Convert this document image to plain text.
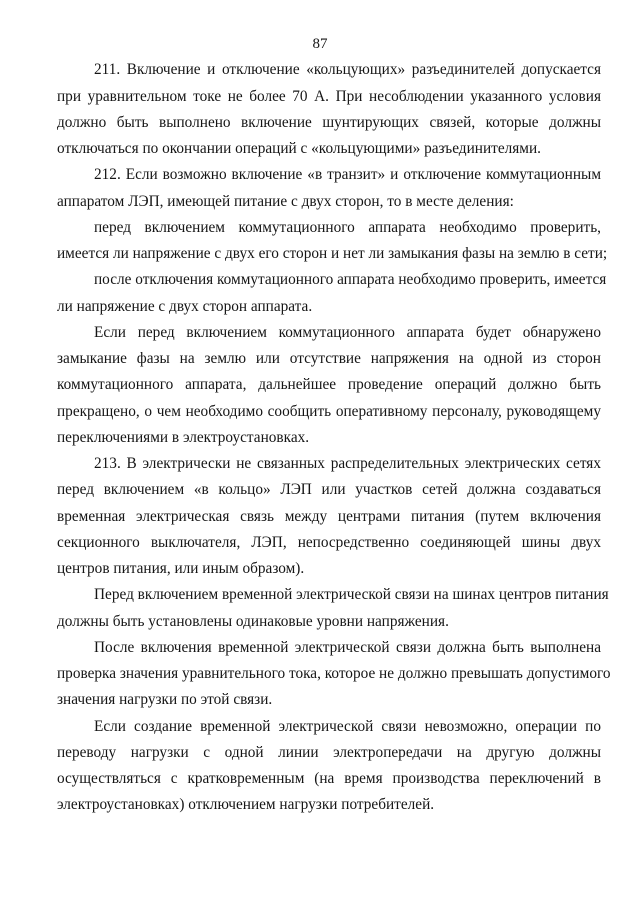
87
211. Включение и отключение «кольцующих» разъединителей допускается
при уравнительном токе не более 70 А. При несоблюдении указанного условия
должно быть выполнено включение шунтирующих связей, которые должны
отключаться по окончании операций с «кольцующими» разъединителями.
212. Если возможно включение «в транзит» и отключение коммутационным
аппаратом ЛЭП, имеющей питание с двух сторон, то в месте деления:
перед включением коммутационного аппарата необходимо проверить,
имеется ли напряжение с двух его сторон и нет ли замыкания фазы на землю в сети;
после отключения коммутационного аппарата необходимо проверить, имеется
ли напряжение с двух сторон аппарата.
Если перед включением коммутационного аппарата будет обнаружено
замыкание фазы на землю или отсутствие напряжения на одной из сторон
коммутационного аппарата, дальнейшее проведение операций должно быть
прекращено, о чем необходимо сообщить оперативному персоналу, руководящему
переключениями в электроустановках.
213. В электрически не связанных распределительных электрических сетях
перед включением «в кольцо» ЛЭП или участков сетей должна создаваться
временная электрическая связь между центрами питания (путем включения
секционного выключателя, ЛЭП, непосредственно соединяющей шины двух
центров питания, или иным образом).
Перед включением временной электрической связи на шинах центров питания
должны быть установлены одинаковые уровни напряжения.
После включения временной электрической связи должна быть выполнена
проверка значения уравнительного тока, которое не должно превышать допустимого
значения нагрузки по этой связи.
Если создание временной электрической связи невозможно, операции по
переводу нагрузки с одной линии электропередачи на другую должны
осуществляться с кратковременным (на время производства переключений в
электроустановках) отключением нагрузки потребителей.
